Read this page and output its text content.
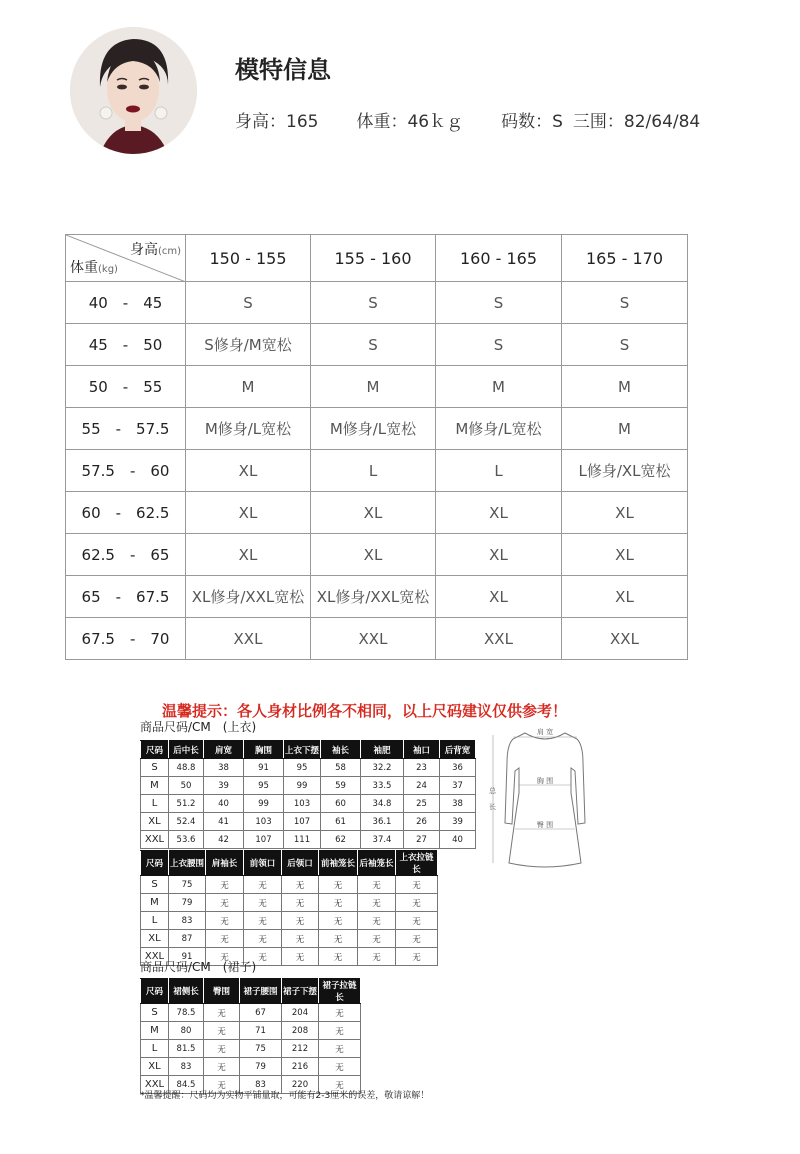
模特信息
身高：165 体重：46ｋｇ 码数：S 三围：82/64/84
身高(cm)
体重(kg)	150 - 155	155 - 160	160 - 165	165 - 170
40　-　45	S	S	S	S
45　-　50	S修身/M宽松	S	S	S
50　-　55	M	M	M	M
55　-　57.5	M修身/L宽松	M修身/L宽松	M修身/L宽松	M
57.5　-　60	XL	L	L	L修身/XL宽松
60　-　62.5	XL	XL	XL	XL
62.5　-　65	XL	XL	XL	XL
65　-　67.5	XL修身/XXL宽松	XL修身/XXL宽松	XL	XL
67.5　-　70	XXL	XXL	XXL	XXL
温馨提示：各人身材比例各不相同，以上尺码建议仅供参考！
商品尺码/CM　(上衣)
尺码	后中长	肩宽	胸围	上衣下摆	袖长	袖肥	袖口	后背宽
S	48.8	38	91	95	58	32.2	23	36
M	50	39	95	99	59	33.5	24	37
L	51.2	40	99	103	60	34.8	25	38
XL	52.4	41	103	107	61	36.1	26	39
XXL	53.6	42	107	111	62	37.4	27	40
尺码	上衣腰围	肩袖长	前领口	后领口	前袖笼长	后袖笼长	上衣拉链长
S	75	无	无	无	无	无	无
M	79	无	无	无	无	无	无
L	83	无	无	无	无	无	无
XL	87	无	无	无	无	无	无
XXL	91	无	无	无	无	无	无
商品尺码/CM　(裙子)
尺码	裙侧长	臀围	裙子腰围	裙子下摆	裙子拉链长
S	78.5	无	67	204	无
M	80	无	71	208	无
L	81.5	无	75	212	无
XL	83	无	79	216	无
XXL	84.5	无	83	220	无
肩 宽
胸 围
臀 围
总
长
*温馨提醒：尺码均为实物平铺量取，可能有2-3厘米的误差，敬请谅解！
